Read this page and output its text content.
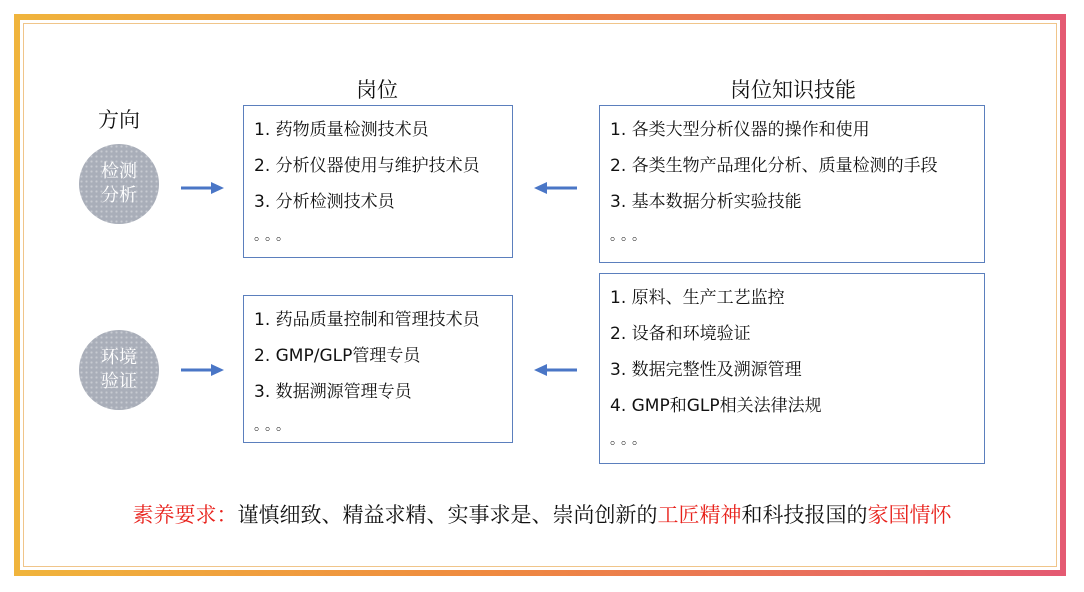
方向
岗位	岗位知识技能
检测
分析
1. 药物质量检测技术员
2. 分析仪器使用与维护技术员
3. 分析检测技术员
。。。
1. 各类大型分析仪器的操作和使用
2. 各类生物产品理化分析、质量检测的手段
3. 基本数据分析实验技能
。。。
环境
验证
1. 药品质量控制和管理技术员
2. GMP/GLP管理专员
3. 数据溯源管理专员
。。。
1. 原料、生产工艺监控
2. 设备和环境验证
3. 数据完整性及溯源管理
4. GMP和GLP相关法律法规
。。。
素养要求：谨慎细致、精益求精、实事求是、崇尚创新的工匠精神和科技报国的家国情怀
